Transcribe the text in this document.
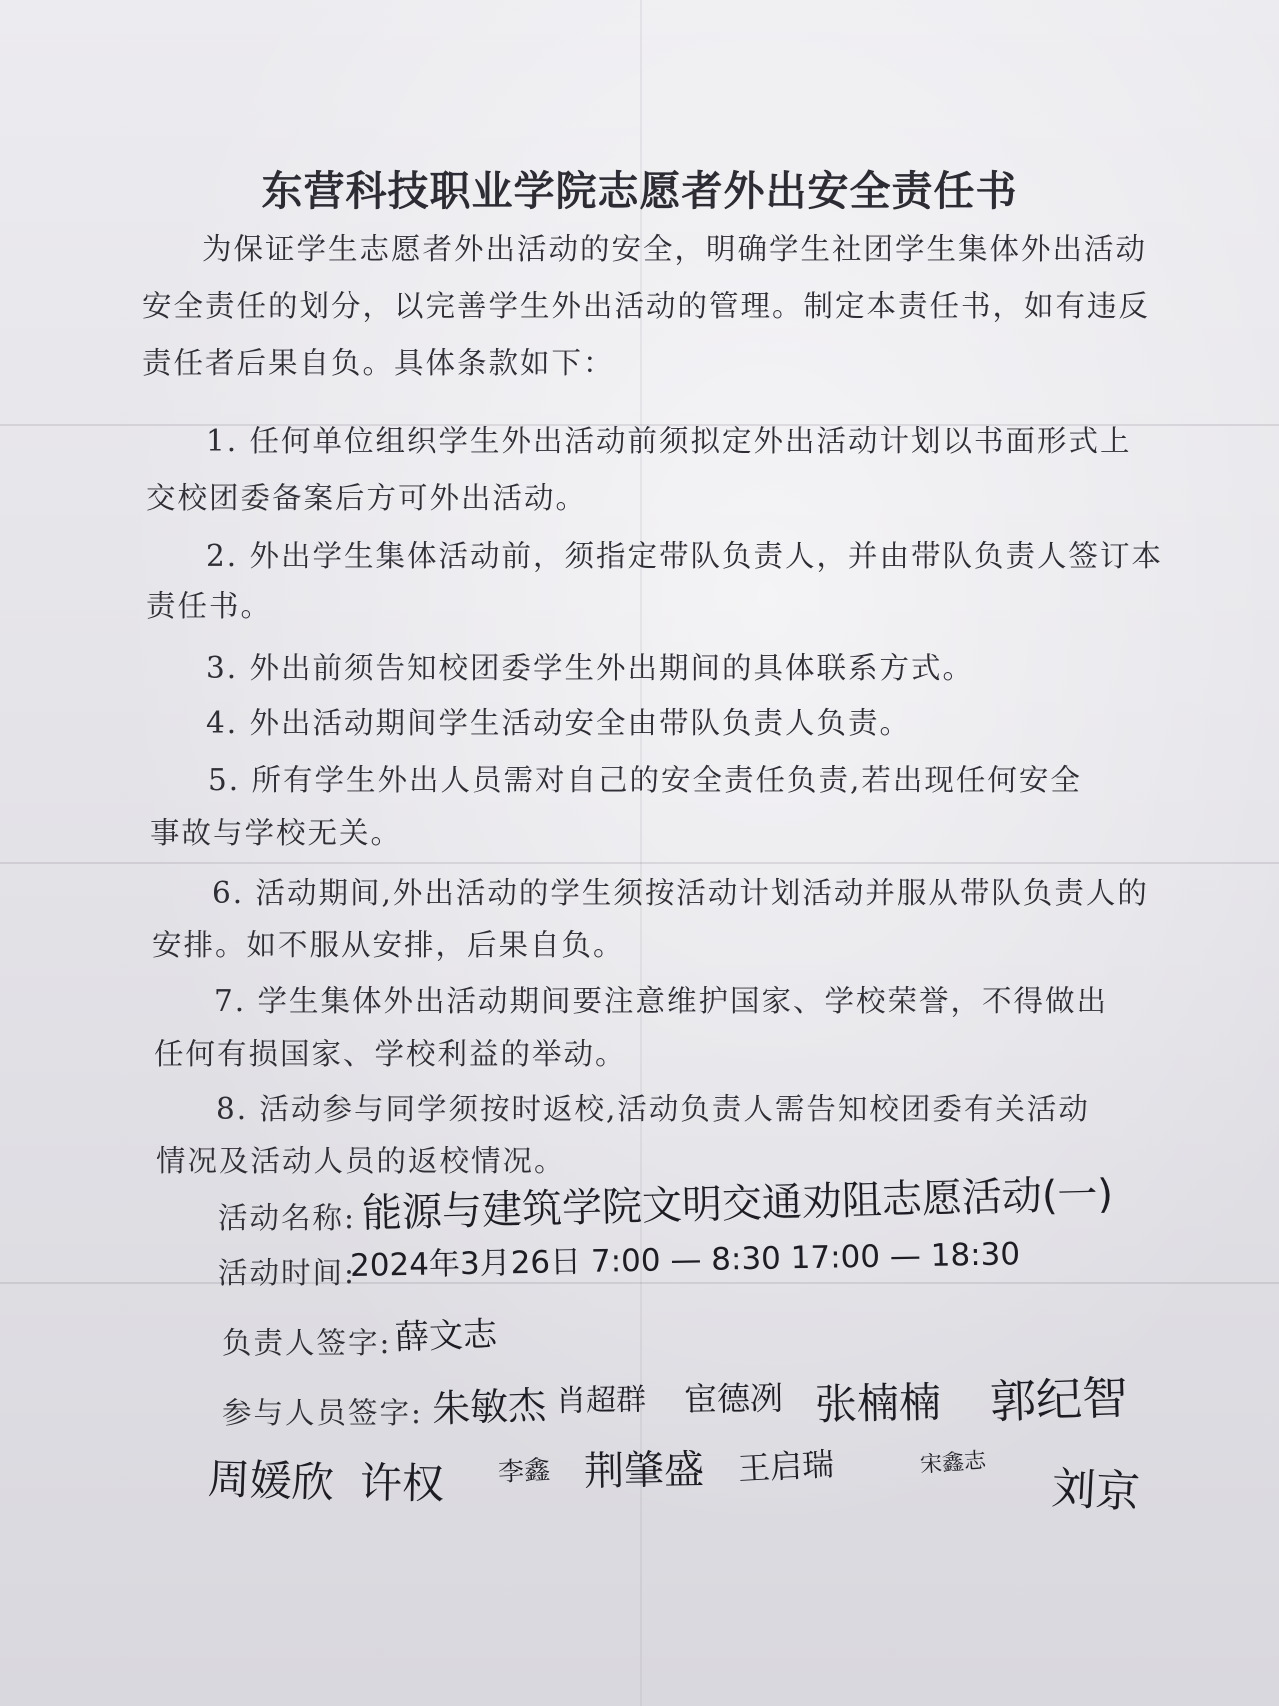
东营科技职业学院志愿者外出安全责任书
为保证学生志愿者外出活动的安全，明确学生社团学生集体外出活动
安全责任的划分，以完善学生外出活动的管理。制定本责任书，如有违反
责任者后果自负。具体条款如下：
1. 任何单位组织学生外出活动前须拟定外出活动计划以书面形式上
交校团委备案后方可外出活动。
2. 外出学生集体活动前，须指定带队负责人，并由带队负责人签订本
责任书。
3. 外出前须告知校团委学生外出期间的具体联系方式。
4. 外出活动期间学生活动安全由带队负责人负责。
5. 所有学生外出人员需对自己的安全责任负责,若出现任何安全
事故与学校无关。
6. 活动期间,外出活动的学生须按活动计划活动并服从带队负责人的
安排。如不服从安排，后果自负。
7. 学生集体外出活动期间要注意维护国家、学校荣誉，不得做出
任何有损国家、学校利益的举动。
8. 活动参与同学须按时返校,活动负责人需告知校团委有关活动
情况及活动人员的返校情况。
活动名称: 能源与建筑学院文明交通劝阻志愿活动(一)
活动时间:
2024年3月26日 7:00 — 8:30 17:00 — 18:30
负责人签字: 薛文志
参与人员签字: 朱敏杰 肖超群 宦德冽 张楠楠 郭纪智
周媛欣 许权 李鑫 荆肇盛 王启瑞	宋鑫志 刘京
